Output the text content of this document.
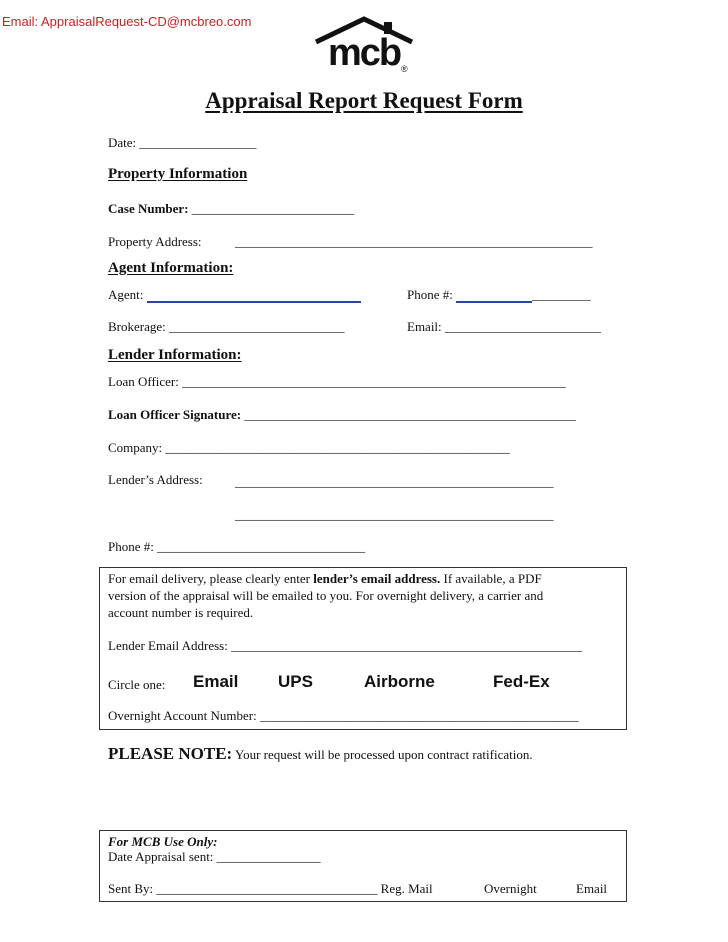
Email: AppraisalRequest-CD@mcbreo.com
mcb ®
Appraisal Report Request Form
Date: __________________
Property Information
Case Number: _________________________
Property Address:	_______________________________________________________
Agent Information:
Agent:	Phone #:	_________
Brokerage: ___________________________	Email: ________________________
Lender Information:
Loan Officer: ___________________________________________________________
Loan Officer Signature: ___________________________________________________
Company: _____________________________________________________
Lender’s Address: _________________________________________________
_________________________________________________
Phone #: ________________________________
For email delivery, please clearly enter lender’s email address. If available, a PDF
version of the appraisal will be emailed to you. For overnight delivery, a carrier and
account number is required.
Lender Email Address: ______________________________________________________
Circle one: Email UPS	Airborne	Fed-Ex
Overnight Account Number: _________________________________________________
PLEASE NOTE: Your request will be processed upon contract ratification.
For MCB Use Only:
Date Appraisal sent: ________________
Sent By: __________________________________ Reg. Mail	Overnight	Email
